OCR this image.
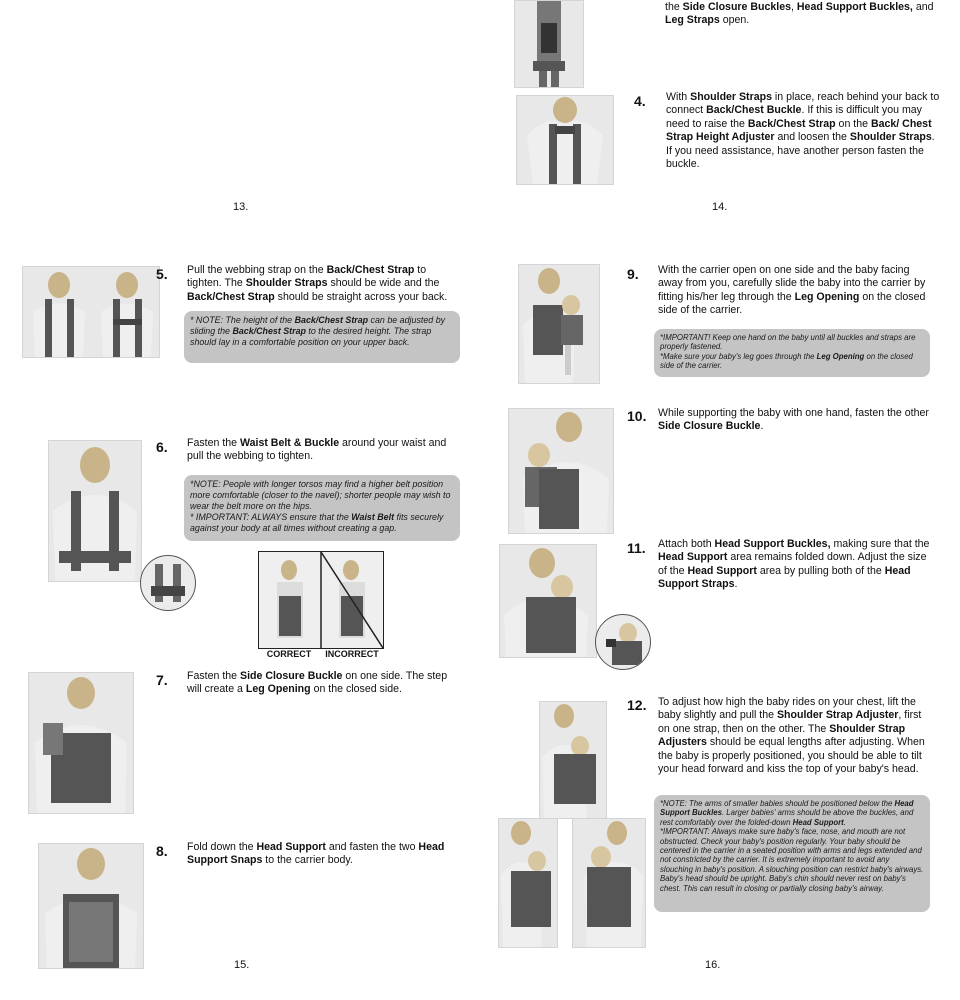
the Side Closure Buckles, Head Support Buckles, and Leg Straps open.
4. With Shoulder Straps in place, reach behind your back to connect Back/Chest Buckle. If this is difficult you may need to raise the Back/Chest Strap on the Back/ Chest Strap Height Adjuster and loosen the Shoulder Straps. If you need assistance, have another person fasten the buckle.
13.	14.
5. Pull the webbing strap on the Back/Chest Strap to tighten. The Shoulder Straps should be wide and the Back/Chest Strap should be straight across your back.
* NOTE: The height of the Back/Chest Strap can be adjusted by sliding the Back/Chest Strap to the desired height. The strap should lay in a comfortable position on your upper back.
6. Fasten the Waist Belt & Buckle around your waist and pull the webbing to tighten.
*NOTE: People with longer torsos may find a higher belt position more comfortable (closer to the navel); shorter people may wish to wear the belt more on the hips.
* IMPORTANT: ALWAYS ensure that the Waist Belt fits securely against your body at all times without creating a gap.
CORRECT	INCORRECT
7. Fasten the Side Closure Buckle on one side. The step will create a Leg Opening on the closed side.
8. Fold down the Head Support and fasten the two Head Support Snaps to the carrier body.
15.
9. With the carrier open on one side and the baby facing away from you, carefully slide the baby into the carrier by fitting his/her leg through the Leg Opening on the closed side of the carrier.
*IMPORTANT! Keep one hand on the baby until all buckles and straps are properly fastened.
*Make sure your baby's leg goes through the Leg Opening on the closed side of the carrier.
10. While supporting the baby with one hand, fasten the other Side Closure Buckle.
11. Attach both Head Support Buckles, making sure that the Head Support area remains folded down. Adjust the size of the Head Support area by pulling both of the Head Support Straps.
12. To adjust how high the baby rides on your chest, lift the baby slightly and pull the Shoulder Strap Adjuster, first on one strap, then on the other. The Shoulder Strap Adjusters should be equal lengths after adjusting. When the baby is properly positioned, you should be able to tilt your head forward and kiss the top of your baby's head.
*NOTE: The arms of smaller babies should be positioned below the Head Support Buckles. Larger babies' arms should be above the buckles, and rest comfortably over the folded-down Head Support.
*IMPORTANT: Always make sure baby's face, nose, and mouth are not obstructed. Check your baby's position regularly. Your baby should be centered in the carrier in a seated position with arms and legs extended and not constricted by the carrier. It is extremely important to avoid any slouching in baby's position. A slouching position can restrict baby's airways. Baby's head should be upright. Baby's chin should never rest on baby's chest. This can result in closing or partially closing baby's airway.
16.
